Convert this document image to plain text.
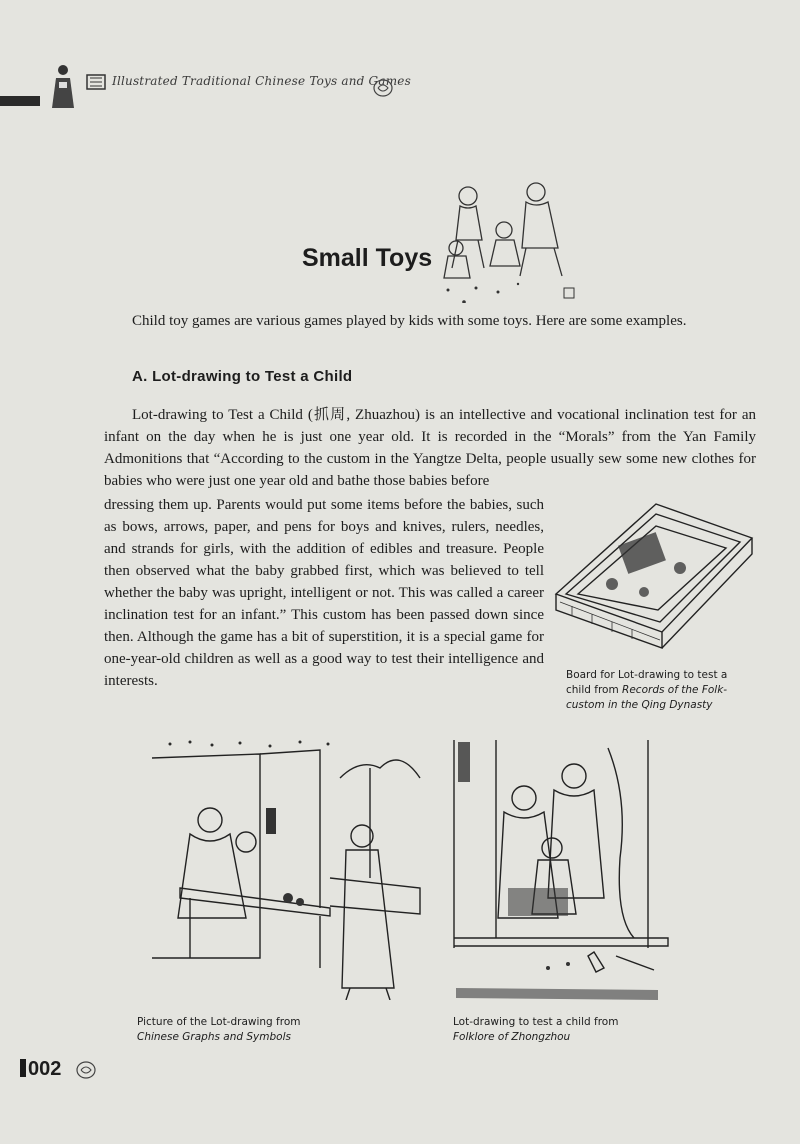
Illustrated Traditional Chinese Toys and Games
Small Toys

Child toy games are various games played by kids with some toys. Here are some examples.

A. Lot-drawing to Test a Child

Lot-drawing to Test a Child (抓周, Zhuazhou) is an intellective and vocational inclination test for an infant on the day when he is just one year old. It is recorded in the “Morals” from the Yan Family Admonitions that “According to the custom in the Yangtze Delta, people usually sew some new clothes for babies who were just one year old and bathe those babies before

dressing them up. Parents would put some items before the babies, such as bows, arrows, paper, and pens for boys and knives, rulers, needles, and strands for girls, with the addition of edibles and treasure. People then observed what the baby grabbed first, which was believed to tell whether the baby was upright, intelligent or not. This was called a career inclination test for an infant.” This custom has been passed down since then. Although the game has a bit of superstition, it is a special game for one-year-old children as well as a good way to test their intelligence and interests.	Board for Lot-drawing to test a
child from Records of the Folk-
custom in the Qing Dynasty
Picture of the Lot-drawing from
Chinese Graphs and Symbols
Lot-drawing to test a child from
Folklore of Zhongzhou
002
